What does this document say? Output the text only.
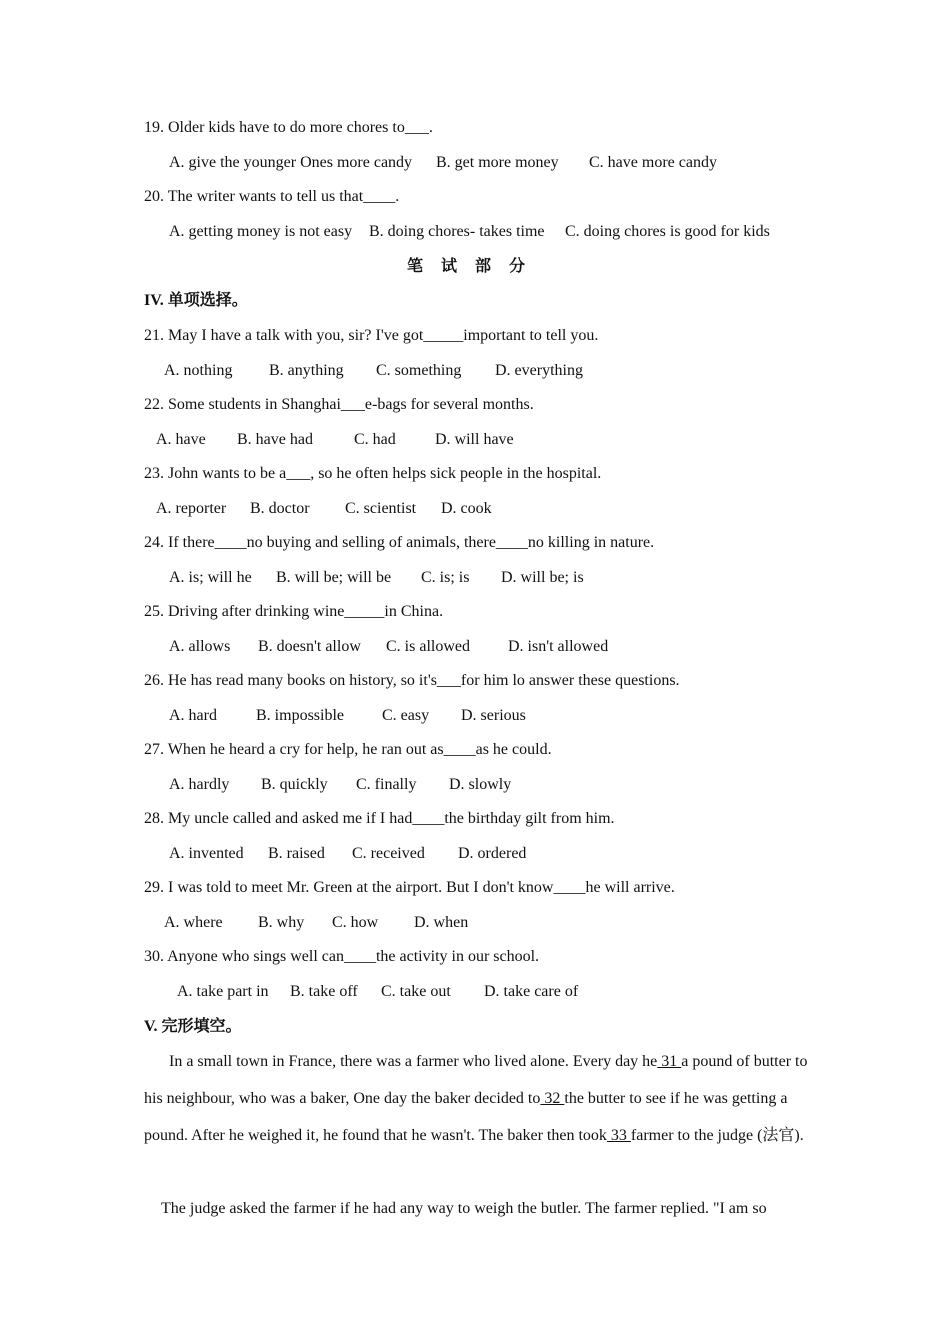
19. Older kids have to do more chores to___.
A. give the younger Ones more candy B. get more money C. have more candy
20. The writer wants to tell us that____.
A. getting money is not easy B. doing chores- takes time C. doing chores is good for kids
笔试部分
IV. 单项选择。
21. May I have a talk with you, sir? I've got_____important to tell you.
A. nothing B. anything C. something D. everything
22. Some students in Shanghai___e-bags for several months.
A. have B. have had	C. had D. will have
23. John wants to be a___, so he often helps sick people in the hospital.
A. reporter B. doctor C. scientist D. cook
24. If there____no buying and selling of animals, there____no killing in nature.
A. is; will he B. will be; will be C. is; is D. will be; is
25. Driving after drinking wine_____in China.
A. allows B. doesn't allow C. is allowed D. isn't allowed
26. He has read many books on history, so it's___for him lo answer these questions.
A. hard B. impossible C. easy D. serious
27. When he heard a cry for help, he ran out as____as he could.
A. hardly B. quickly C. finally D. slowly
28. My uncle called and asked me if I had____the birthday gilt from him.
A. invented B. raised C. received D. ordered
29. I was told to meet Mr. Green at the airport. But I don't know____he will arrive.
A. where B. why C. how D. when
30. Anyone who sings well can____the activity in our school.
A. take part in B. take off C. take out D. take care of
V. 完形填空。
In a small town in France, there was a farmer who lived alone. Every day he 31 a pound of butter to his neighbour, who was a baker, One day the baker decided to 32 the butter to see if he was getting a pound. After he weighed it, he found that he wasn't. The baker then took 33 farmer to the judge (法官).
The judge asked the farmer if he had any way to weigh the butler. The farmer replied. "I am so
